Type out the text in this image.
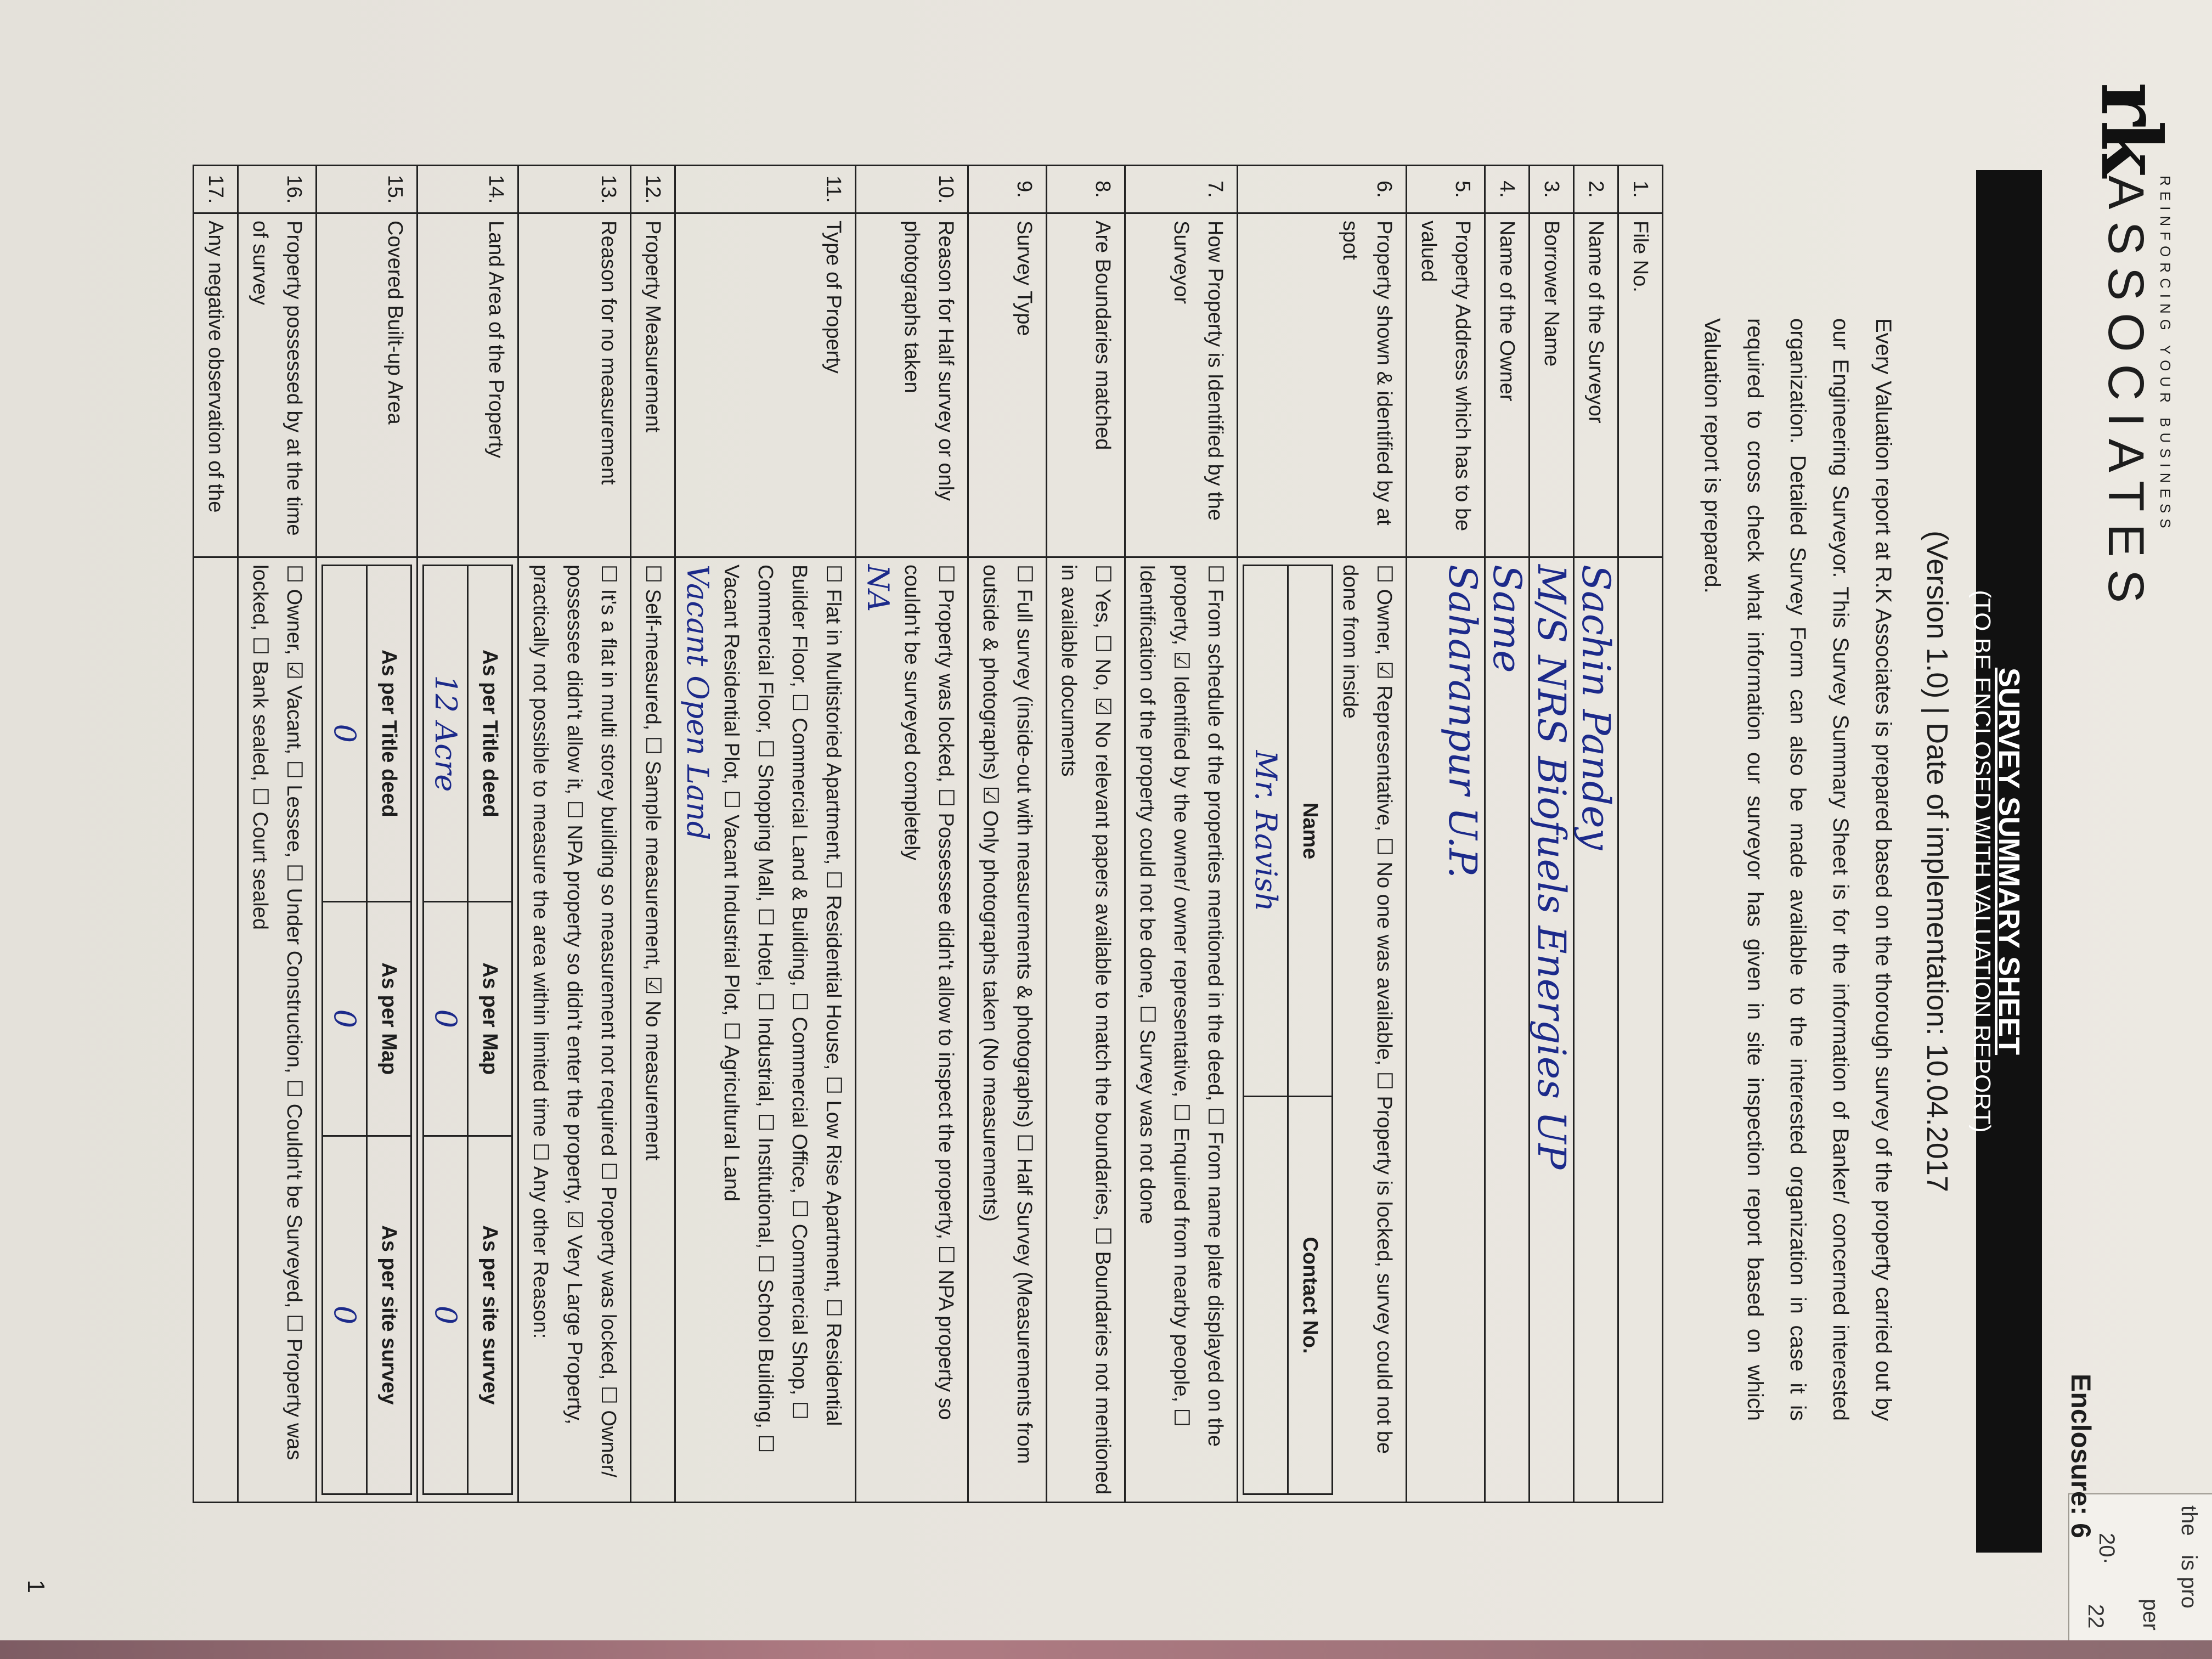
the
is pro
per
20·
22
rk
REINFORCING YOUR BUSINESS
ASSOCIATES
Enclosure: 6
SURVEY SUMMARY SHEET
(TO BE ENCLOSED WITH VALUATION REPORT)
(Version 1.0) | Date of implementation: 10.04.2017
Every Valuation report at R.K Associates is prepared based on the thorough survey of the property carried out by our Engineering Surveyor. This Survey Summary Sheet is for the information of Banker/ concerned interested organization. Detailed Survey Form can also be made available to the interested organization in case it is required to cross check what information our surveyor has given in site inspection report based on which Valuation report is prepared.
1.	File No.	

2.	Name of the Surveyor	
Sachin Pandey

3.	Borrower Name	
M/S NRS Biofuels Energies UP

4.	Name of the Owner	
Same

5.	Property Address which has to be valued	
Saharanpur U.P.

6.	Property shown & identified by at spot	
☐ Owner, ☑ Representative, ☐ No one was available, ☐ Property is locked, survey could not be done from inside
Name	Contact No.
Mr. Ravish	

7.	How Property is Identified by the Surveyor	
☐ From schedule of the properties mentioned in the deed, ☐ From name plate displayed on the property, ☑ Identified by the owner/ owner representative, ☐ Enquired from nearby people, ☐ Identification of the property could not be done, ☐ Survey was not done

8.	Are Boundaries matched	
☐ Yes, ☐ No, ☑ No relevant papers available to match the boundaries, ☐ Boundaries not mentioned in available documents

9.	Survey Type	
☐ Full survey (inside-out with measurements & photographs) ☐ Half Survey (Measurements from outside & photographs) ☑ Only photographs taken (No measurements)

10.	Reason for Half survey or only photographs taken	
☐ Property was locked, ☐ Possessee didn't allow to inspect the property, ☐ NPA property so couldn't be surveyed completely
NA

11.	Type of Property	
☐ Flat in Multistoried Apartment, ☐ Residential House, ☐ Low Rise Apartment, ☐ Residential Builder Floor, ☐ Commercial Land & Building, ☐ Commercial Office, ☐ Commercial Shop, ☐ Commercial Floor, ☐ Shopping Mall, ☐ Hotel, ☐ Industrial, ☐ Institutional, ☐ School Building, ☐ Vacant Residential Plot, ☐ Vacant Industrial Plot, ☐ Agricultural Land
Vacant Open Land

12.	Property Measurement	
☐ Self-measured, ☐ Sample measurement, ☑ No measurement

13.	Reason for no measurement	
☐ It's a flat in multi storey building so measurement not required ☐ Property was locked, ☐ Owner/ possessee didn't allow it, ☐ NPA property so didn't enter the property, ☑ Very Large Property, practically not possible to measure the area within limited time ☐ Any other Reason:

14.	Land Area of the Property	
As per Title deed	As per Map	As per site survey
12 Acre	0	0

15.	Covered Built-up Area	
As per Title deed	As per Map	As per site survey
0	0	0

16.	Property possessed by at the time of survey	
☐ Owner, ☑ Vacant, ☐ Lessee, ☐ Under Construction, ☐ Couldn't be Surveyed, ☐ Property was locked, ☐ Bank sealed, ☐ Court sealed

17.	Any negative observation of the	
1
